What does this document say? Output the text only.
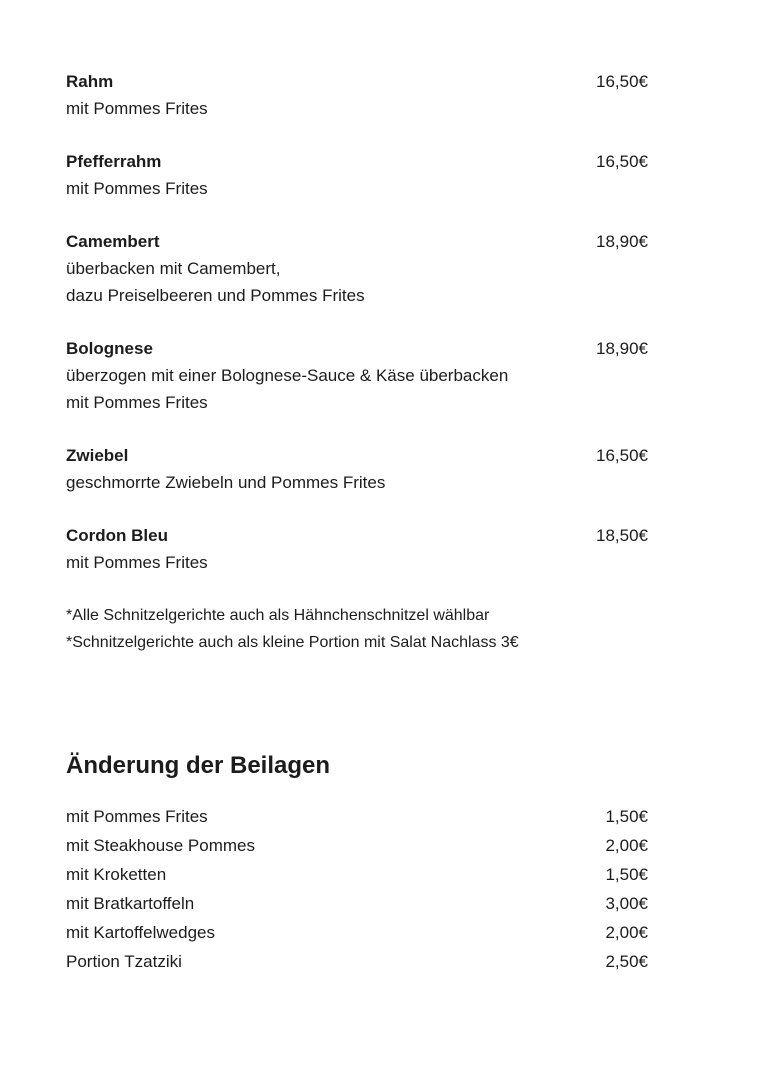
Rahm	16,50€
mit Pommes Frites
Pfefferrahm	16,50€
mit Pommes Frites
Camembert	18,90€
überbacken mit Camembert,
dazu Preiselbeeren und Pommes Frites
Bolognese	18,90€
überzogen mit einer Bolognese-Sauce & Käse überbacken
mit Pommes Frites
Zwiebel	16,50€
geschmorrte Zwiebeln und Pommes Frites
Cordon Bleu	18,50€
mit Pommes Frites
*Alle Schnitzelgerichte auch als Hähnchenschnitzel wählbar
*Schnitzelgerichte auch als kleine Portion mit Salat Nachlass 3€
Änderung der Beilagen
mit Pommes Frites	1,50€
mit Steakhouse Pommes	2,00€
mit Kroketten	1,50€
mit Bratkartoffeln	3,00€
mit Kartoffelwedges	2,00€
Portion Tzatziki	2,50€
